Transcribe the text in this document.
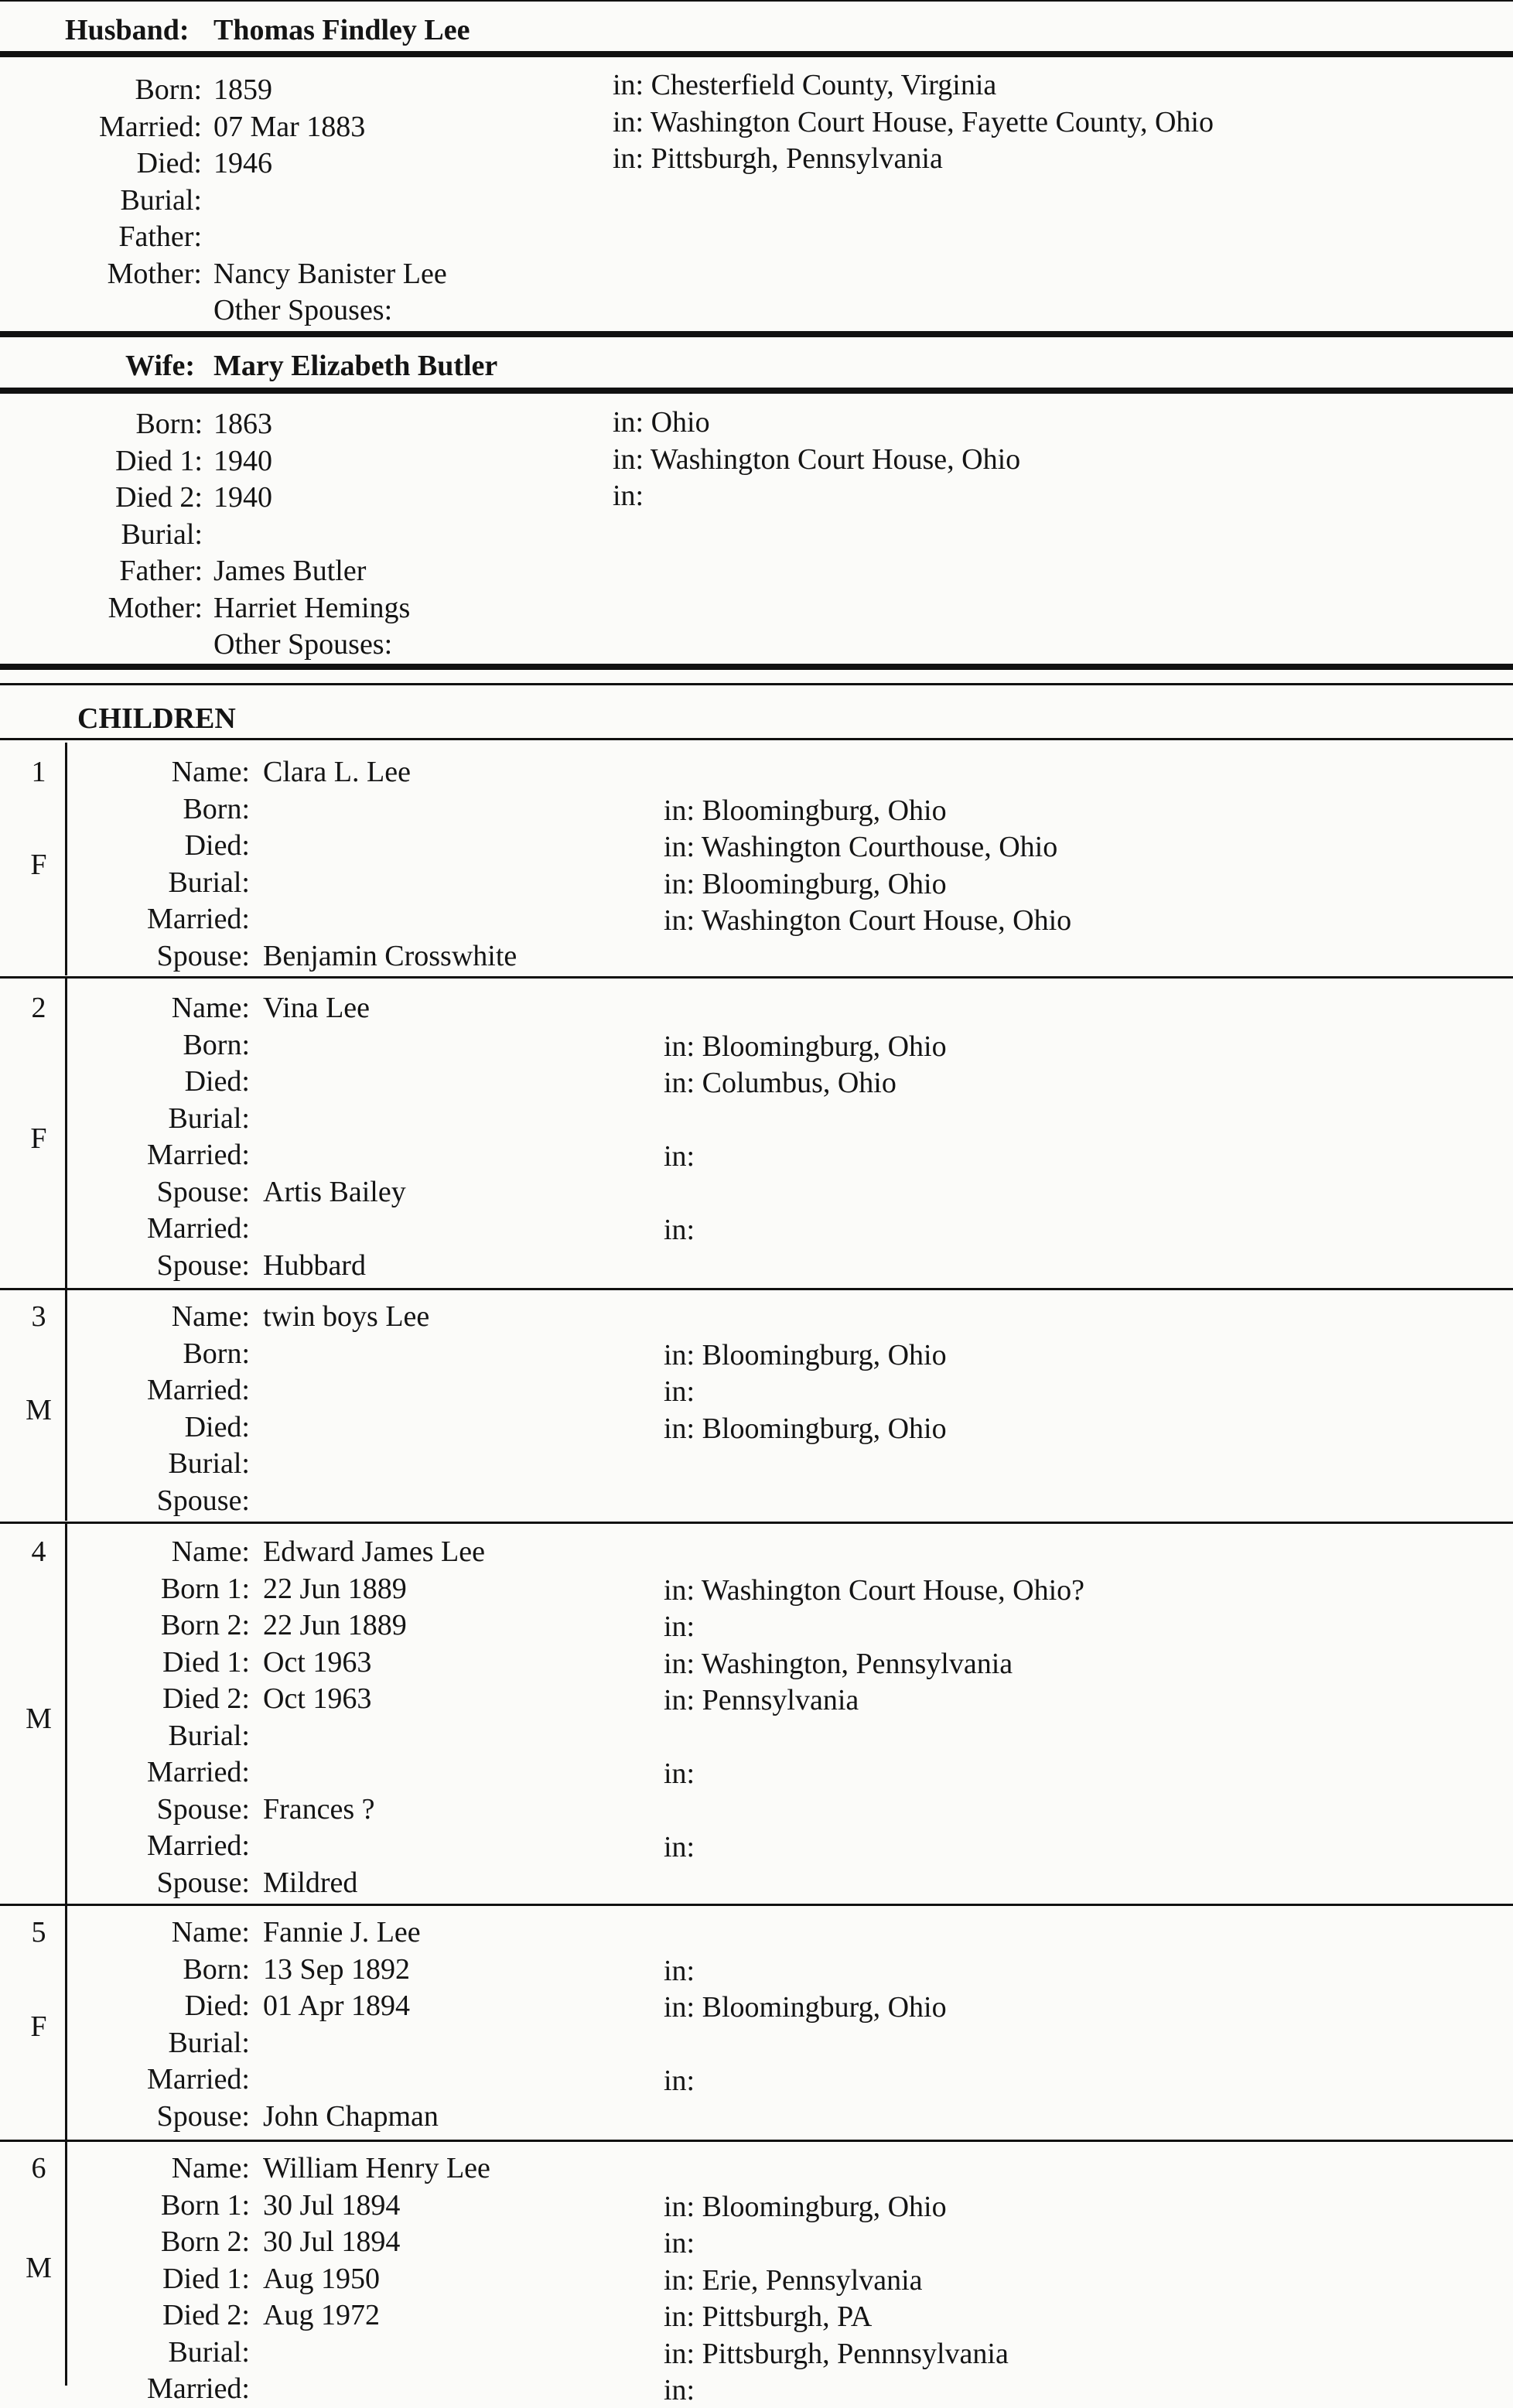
Husband: Thomas Findley Lee
Born: 1859	in: Chesterfield County, Virginia
Married: 07 Mar 1883	in: Washington Court House, Fayette County, Ohio
Died: 1946	in: Pittsburgh, Pennsylvania
Burial:
Father:
Mother: Nancy Banister Lee
Other Spouses:
Wife: Mary Elizabeth Butler
Born: 1863	in: Ohio
Died 1: 1940	in: Washington Court House, Ohio
Died 2: 1940	in:
Burial:
Father: James Butler
Mother: Harriet Hemings
Other Spouses:
CHILDREN
1
F
Name: Clara L. Lee
Born:	in: Bloomingburg, Ohio
Died:	in: Washington Courthouse, Ohio
Burial:	in: Bloomingburg, Ohio
Married:	in: Washington Court House, Ohio
Spouse: Benjamin Crosswhite
2
F
Name: Vina Lee
Born:	in: Bloomingburg, Ohio
Died:	in: Columbus, Ohio
Burial:
Married:	in:
Spouse: Artis Bailey
Married:	in:
Spouse: Hubbard
3
M
Name: twin boys Lee
Born:	in: Bloomingburg, Ohio
Married:	in:
Died:	in: Bloomingburg, Ohio
Burial:
Spouse:
4
M
Name: Edward James Lee
Born 1: 22 Jun 1889	in: Washington Court House, Ohio?
Born 2: 22 Jun 1889	in:
Died 1: Oct 1963	in: Washington, Pennsylvania
Died 2: Oct 1963	in: Pennsylvania
Burial:
Married:	in:
Spouse: Frances ?
Married:	in:
Spouse: Mildred
5
F
Name: Fannie J. Lee
Born: 13 Sep 1892	in:
Died: 01 Apr 1894	in: Bloomingburg, Ohio
Burial:
Married:	in:
Spouse: John Chapman
6
M
Name: William Henry Lee
Born 1: 30 Jul 1894	in: Bloomingburg, Ohio
Born 2: 30 Jul 1894	in:
Died 1: Aug 1950	in: Erie, Pennsylvania
Died 2: Aug 1972	in: Pittsburgh, PA
Burial:	in: Pittsburgh, Pennnsylvania
Married:	in:
